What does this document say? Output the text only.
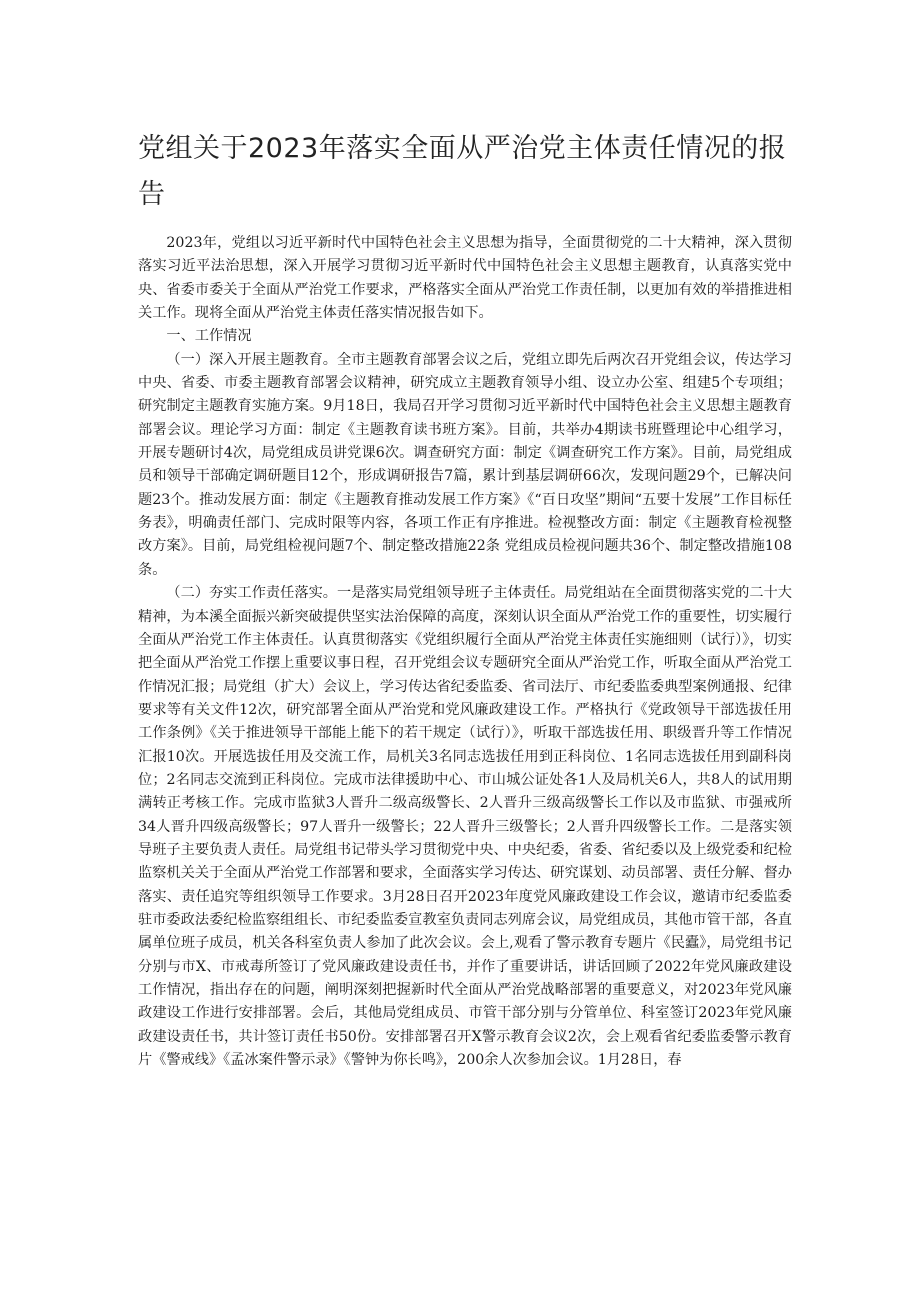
党组关于2023年落实全面从严治党主体责任情况的报告

2023年，党组以习近平新时代中国特色社会主义思想为指导，全面贯彻党的二十大精神，深入贯彻落实习近平法治思想，深入开展学习贯彻习近平新时代中国特色社会主义思想主题教育，认真落实党中央、省委市委关于全面从严治党工作要求，严格落实全面从严治党工作责任制，以更加有效的举措推进相关工作。现将全面从严治党主体责任落实情况报告如下。

一、工作情况

（一）深入开展主题教育。全市主题教育部署会议之后，党组立即先后两次召开党组会议，传达学习中央、省委、市委主题教育部署会议精神，研究成立主题教育领导小组、设立办公室、组建5个专项组；研究制定主题教育实施方案。9月18日，我局召开学习贯彻习近平新时代中国特色社会主义思想主题教育部署会议。理论学习方面：制定《主题教育读书班方案》。目前，共举办4期读书班暨理论中心组学习，开展专题研讨4次，局党组成员讲党课6次。调查研究方面：制定《调查研究工作方案》。目前，局党组成员和领导干部确定调研题目12个，形成调研报告7篇，累计到基层调研66次，发现问题29个，已解决问题23个。推动发展方面：制定《主题教育推动发展工作方案》《“百日攻坚”期间“五要十发展”工作目标任务表》，明确责任部门、完成时限等内容，各项工作正有序推进。检视整改方面：制定《主题教育检视整改方案》。目前，局党组检视问题7个、制定整改措施22条 党组成员检视问题共36个、制定整改措施108条。

（二）夯实工作责任落实。一是落实局党组领导班子主体责任。局党组站在全面贯彻落实党的二十大精神，为本溪全面振兴新突破提供坚实法治保障的高度，深刻认识全面从严治党工作的重要性，切实履行全面从严治党工作主体责任。认真贯彻落实《党组织履行全面从严治党主体责任实施细则（试行）》，切实把全面从严治党工作摆上重要议事日程，召开党组会议专题研究全面从严治党工作，听取全面从严治党工作情况汇报；局党组（扩大）会议上，学习传达省纪委监委、省司法厅、市纪委监委典型案例通报、纪律要求等有关文件12次，研究部署全面从严治党和党风廉政建设工作。严格执行《党政领导干部选拔任用工作条例》《关于推进领导干部能上能下的若干规定（试行）》，听取干部选拔任用、职级晋升等工作情况汇报10次。开展选拔任用及交流工作，局机关3名同志选拔任用到正科岗位、1名同志选拔任用到副科岗位；2名同志交流到正科岗位。完成市法律援助中心、市山城公证处各1人及局机关6人，共8人的试用期满转正考核工作。完成市监狱3人晋升二级高级警长、2人晋升三级高级警长工作以及市监狱、市强戒所34人晋升四级高级警长；97人晋升一级警长；22人晋升三级警长；2人晋升四级警长工作。二是落实领导班子主要负责人责任。局党组书记带头学习贯彻党中央、中央纪委，省委、省纪委以及上级党委和纪检监察机关关于全面从严治党工作部署和要求，全面落实学习传达、研究谋划、动员部署、责任分解、督办落实、责任追究等组织领导工作要求。3月28日召开2023年度党风廉政建设工作会议，邀请市纪委监委驻市委政法委纪检监察组组长、市纪委监委宣教室负责同志列席会议，局党组成员，其他市管干部，各直属单位班子成员，机关各科室负责人参加了此次会议。会上,观看了警示教育专题片《民蠹》，局党组书记分别与市X、市戒毒所签订了党风廉政建设责任书，并作了重要讲话，讲话回顾了2022年党风廉政建设工作情况，指出存在的问题，阐明深刻把握新时代全面从严治党战略部署的重要意义，对2023年党风廉政建设工作进行安排部署。会后，其他局党组成员、市管干部分别与分管单位、科室签订2023年党风廉政建设责任书，共计签订责任书50份。安排部署召开X警示教育会议2次，会上观看省纪委监委警示教育片《警戒线》《孟冰案件警示录》《警钟为你长鸣》，200余人次参加会议。1月28日，春
